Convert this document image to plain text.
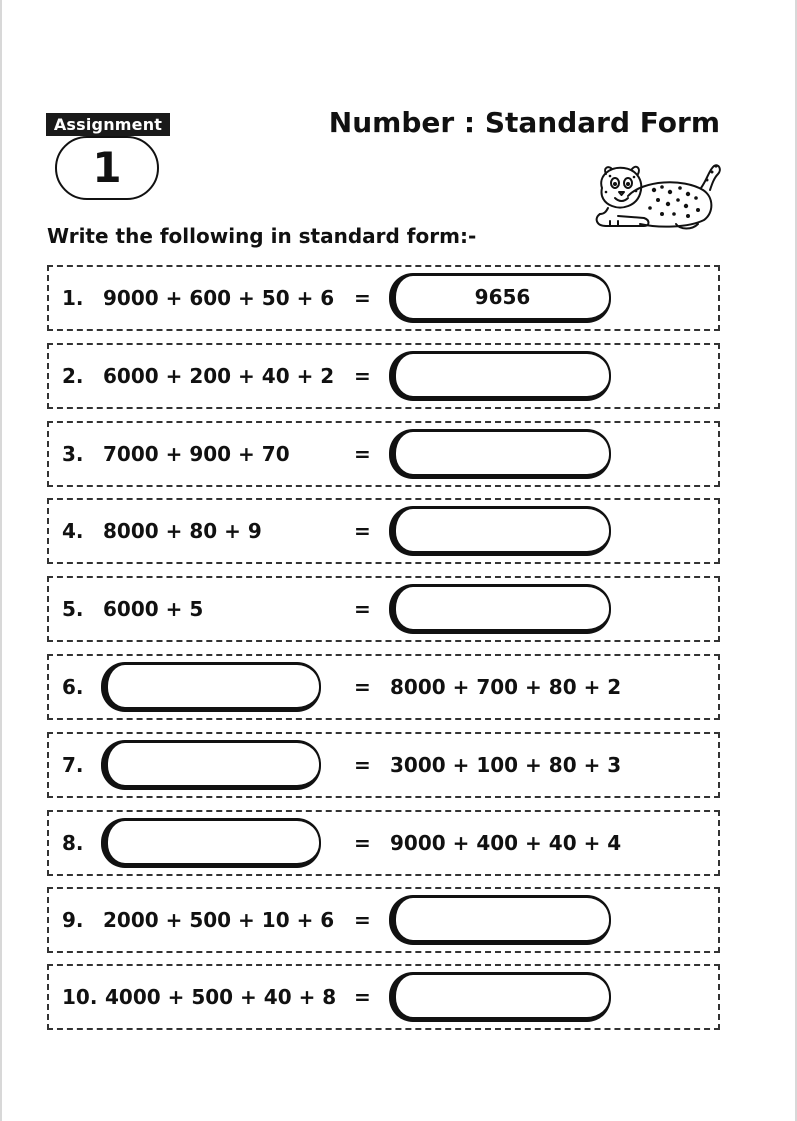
Assignment
1
Number : Standard Form
Write the following in standard form:-
1. 9000 + 600 + 50 + 6 =	9656
2. 6000 + 200 + 40 + 2 =
3. 7000 + 900 + 70	=
4. 8000 + 80 + 9	=
5. 6000 + 5	=
6.	= 8000 + 700 + 80 + 2
7.	= 3000 + 100 + 80 + 3
8.	= 9000 + 400 + 40 + 4
9. 2000 + 500 + 10 + 6 =
10. 4000 + 500 + 40 + 8 =
